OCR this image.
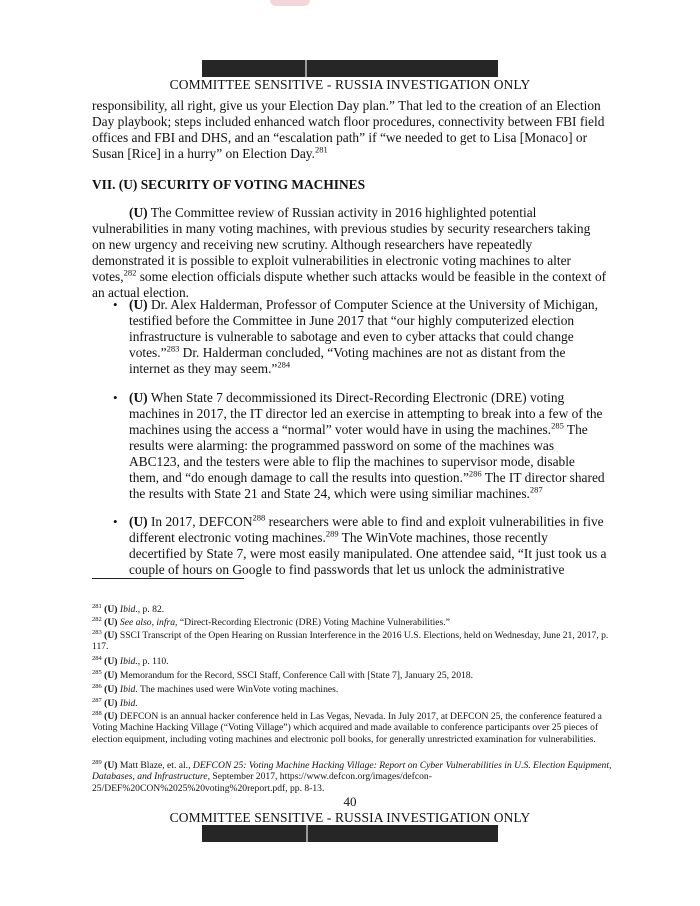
COMMITTEE SENSITIVE - RUSSIA INVESTIGATION ONLY
responsibility, all right, give us your Election Day plan.” That led to the creation of an Election Day playbook; steps included enhanced watch floor procedures, connectivity between FBI field offices and FBI and DHS, and an “escalation path” if “we needed to get to Lisa [Monaco] or Susan [Rice] in a hurry” on Election Day.$^{281}$
VII. (U) SECURITY OF VOTING MACHINES
(U) The Committee review of Russian activity in 2016 highlighted potential vulnerabilities in many voting machines, with previous studies by security researchers taking on new urgency and receiving new scrutiny. Although researchers have repeatedly demonstrated it is possible to exploit vulnerabilities in electronic voting machines to alter votes,$^{282}$ some election officials dispute whether such attacks would be feasible in the context of an actual election.
• (U) Dr. Alex Halderman, Professor of Computer Science at the University of Michigan, testified before the Committee in June 2017 that “our highly computerized election infrastructure is vulnerable to sabotage and even to cyber attacks that could change votes.”$^{283}$ Dr. Halderman concluded, “Voting machines are not as distant from the internet as they may seem.”$^{284}$
• (U) When State 7 decommissioned its Direct-Recording Electronic (DRE) voting machines in 2017, the IT director led an exercise in attempting to break into a few of the machines using the access a “normal” voter would have in using the machines.$^{285}$ The results were alarming: the programmed password on some of the machines was ABC123, and the testers were able to flip the machines to supervisor mode, disable them, and “do enough damage to call the results into question.”$^{286}$ The IT director shared the results with State 21 and State 24, which were using similiar machines.$^{287}$
• (U) In 2017, DEFCON$^{288}$ researchers were able to find and exploit vulnerabilities in five different electronic voting machines.$^{289}$ The WinVote machines, those recently decertified by State 7, were most easily manipulated. One attendee said, “It just took us a couple of hours on Google to find passwords that let us unlock the administrative
$^{281}$ (U) Ibid., p. 82.
$^{282}$ (U) See also, infra, “Direct-Recording Electronic (DRE) Voting Machine Vulnerabilities.”
$^{283}$ (U) SSCI Transcript of the Open Hearing on Russian Interference in the 2016 U.S. Elections, held on Wednesday, June 21, 2017, p. 117.
$^{284}$ (U) Ibid., p. 110.
$^{285}$ (U) Memorandum for the Record, SSCI Staff, Conference Call with [State 7], January 25, 2018.
$^{286}$ (U) Ibid. The machines used were WinVote voting machines.
$^{287}$ (U) Ibid.
$^{288}$ (U) DEFCON is an annual hacker conference held in Las Vegas, Nevada. In July 2017, at DEFCON 25, the conference featured a Voting Machine Hacking Village (“Voting Village”) which acquired and made available to conference participants over 25 pieces of election equipment, including voting machines and electronic poll books, for generally unrestricted examination for vulnerabilities.
$^{289}$ (U) Matt Blaze, et. al., DEFCON 25: Voting Machine Hacking Village: Report on Cyber Vulnerabilities in U.S. Election Equipment, Databases, and Infrastructure, September 2017, https://www.defcon.org/images/defcon-25/DEF%20CON%2025%20voting%20report.pdf, pp. 8-13.
40
COMMITTEE SENSITIVE - RUSSIA INVESTIGATION ONLY
